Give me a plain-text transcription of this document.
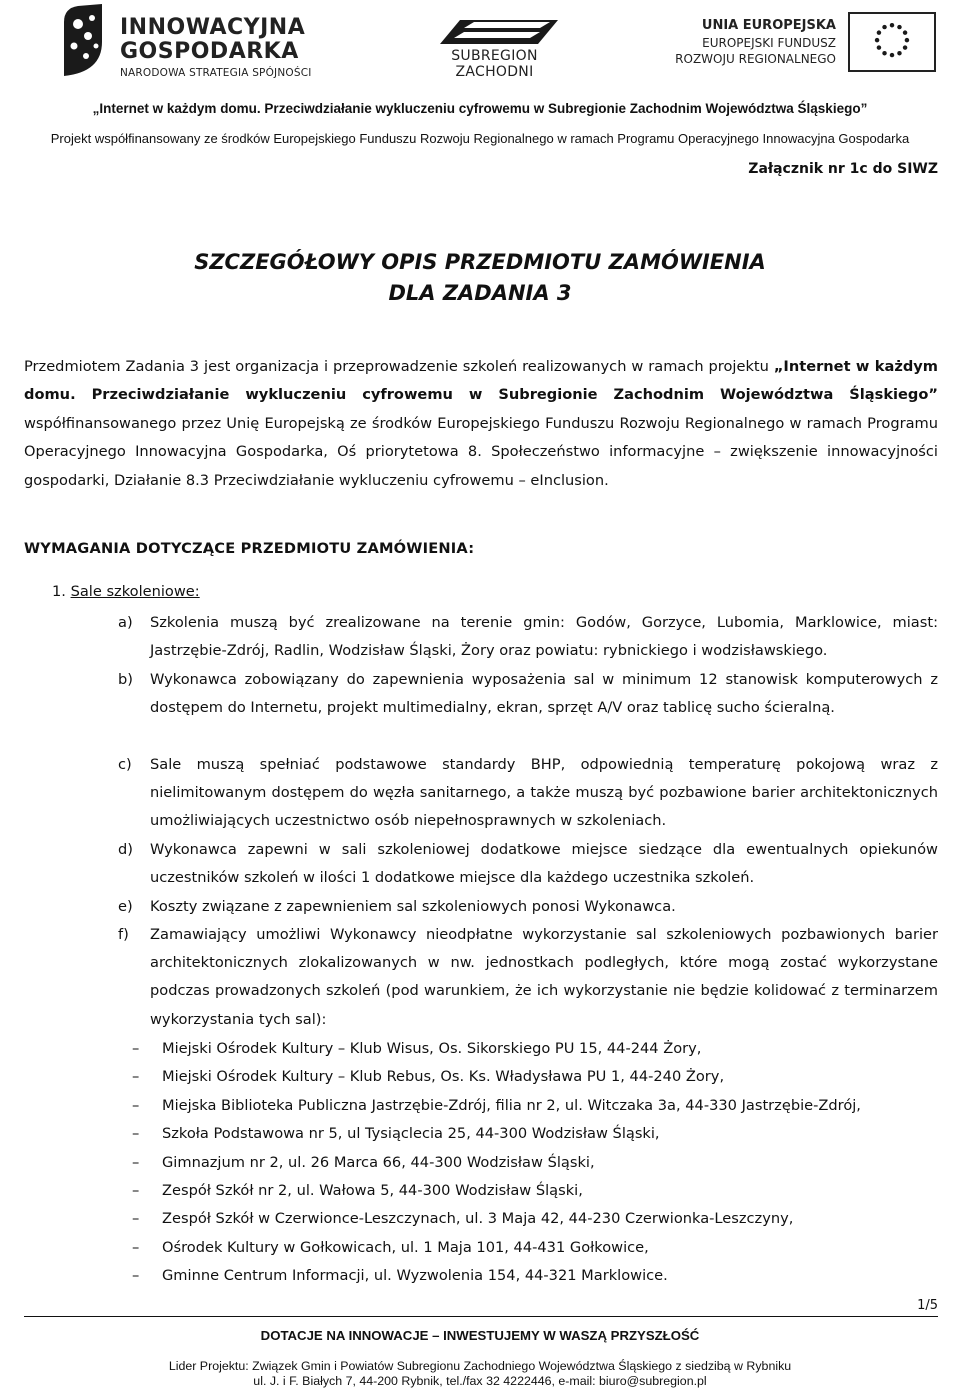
INNOWACYJNA
GOSPODARKA
NARODOWA STRATEGIA SPÓJNOŚCI
SUBREGION ZACHODNI
UNIA EUROPEJSKA
EUROPEJSKI FUNDUSZ
ROZWOJU REGIONALNEGO
„Internet w każdym domu. Przeciwdziałanie wykluczeniu cyfrowemu w Subregionie Zachodnim Województwa Śląskiego”
Projekt współfinansowany ze środków Europejskiego Funduszu Rozwoju Regionalnego w ramach Programu Operacyjnego Innowacyjna Gospodarka
Załącznik nr 1c do SIWZ
SZCZEGÓŁOWY OPIS PRZEDMIOTU ZAMÓWIENIA
DLA ZADANIA 3
Przedmiotem Zadania 3 jest organizacja i przeprowadzenie szkoleń realizowanych w ramach projektu „Internet w każdym domu. Przeciwdziałanie wykluczeniu cyfrowemu w Subregionie Zachodnim Województwa Śląskiego” współfinansowanego przez Unię Europejską ze środków Europejskiego Funduszu Rozwoju Regionalnego w ramach Programu Operacyjnego Innowacyjna Gospodarka, Oś priorytetowa 8. Społeczeństwo informacyjne – zwiększenie innowacyjności gospodarki, Działanie 8.3 Przeciwdziałanie wykluczeniu cyfrowemu – eInclusion.
WYMAGANIA DOTYCZĄCE PRZEDMIOTU ZAMÓWIENIA:
1. Sale szkoleniowe:
a) Szkolenia muszą być zrealizowane na terenie gmin: Godów, Gorzyce, Lubomia, Marklowice, miast: Jastrzębie-Zdrój, Radlin, Wodzisław Śląski, Żory oraz powiatu: rybnickiego i wodzisławskiego.
b) Wykonawca zobowiązany do zapewnienia wyposażenia sal w minimum 12 stanowisk komputerowych z dostępem do Internetu, projekt multimedialny, ekran, sprzęt A/V oraz tablicę sucho ścieralną.
c) Sale muszą spełniać podstawowe standardy BHP, odpowiednią temperaturę pokojową wraz z nielimitowanym dostępem do węzła sanitarnego, a także muszą być pozbawione barier architektonicznych umożliwiających uczestnictwo osób niepełnosprawnych w szkoleniach.
d) Wykonawca zapewni w sali szkoleniowej dodatkowe miejsce siedzące dla ewentualnych opiekunów uczestników szkoleń w ilości 1 dodatkowe miejsce dla każdego uczestnika szkoleń.
e) Koszty związane z zapewnieniem sal szkoleniowych ponosi Wykonawca.
f) Zamawiający umożliwi Wykonawcy nieodpłatne wykorzystanie sal szkoleniowych pozbawionych barier architektonicznych zlokalizowanych w nw. jednostkach podległych, które mogą zostać wykorzystane podczas prowadzonych szkoleń (pod warunkiem, że ich wykorzystanie nie będzie kolidować z terminarzem wykorzystania tych sal):
– Miejski Ośrodek Kultury – Klub Wisus, Os. Sikorskiego PU 15, 44-244 Żory,
– Miejski Ośrodek Kultury – Klub Rebus, Os. Ks. Władysława PU 1, 44-240 Żory,
– Miejska Biblioteka Publiczna Jastrzębie-Zdrój, filia nr 2, ul. Witczaka 3a, 44-330 Jastrzębie-Zdrój,
– Szkoła Podstawowa nr 5, ul Tysiąclecia 25, 44-300 Wodzisław Śląski,
– Gimnazjum nr 2, ul. 26 Marca 66, 44-300 Wodzisław Śląski,
– Zespół Szkół nr 2, ul. Wałowa 5, 44-300 Wodzisław Śląski,
– Zespół Szkół w Czerwionce-Leszczynach, ul. 3 Maja 42, 44-230 Czerwionka-Leszczyny,
– Ośrodek Kultury w Gołkowicach, ul. 1 Maja 101, 44-431 Gołkowice,
– Gminne Centrum Informacji, ul. Wyzwolenia 154, 44-321 Marklowice.
1/5
DOTACJE NA INNOWACJE – INWESTUJEMY W WASZĄ PRZYSZŁOŚĆ
Lider Projektu: Związek Gmin i Powiatów Subregionu Zachodniego Województwa Śląskiego z siedzibą w Rybniku
ul. J. i F. Białych 7, 44-200 Rybnik, tel./fax 32 4222446, e-mail: biuro@subregion.pl
